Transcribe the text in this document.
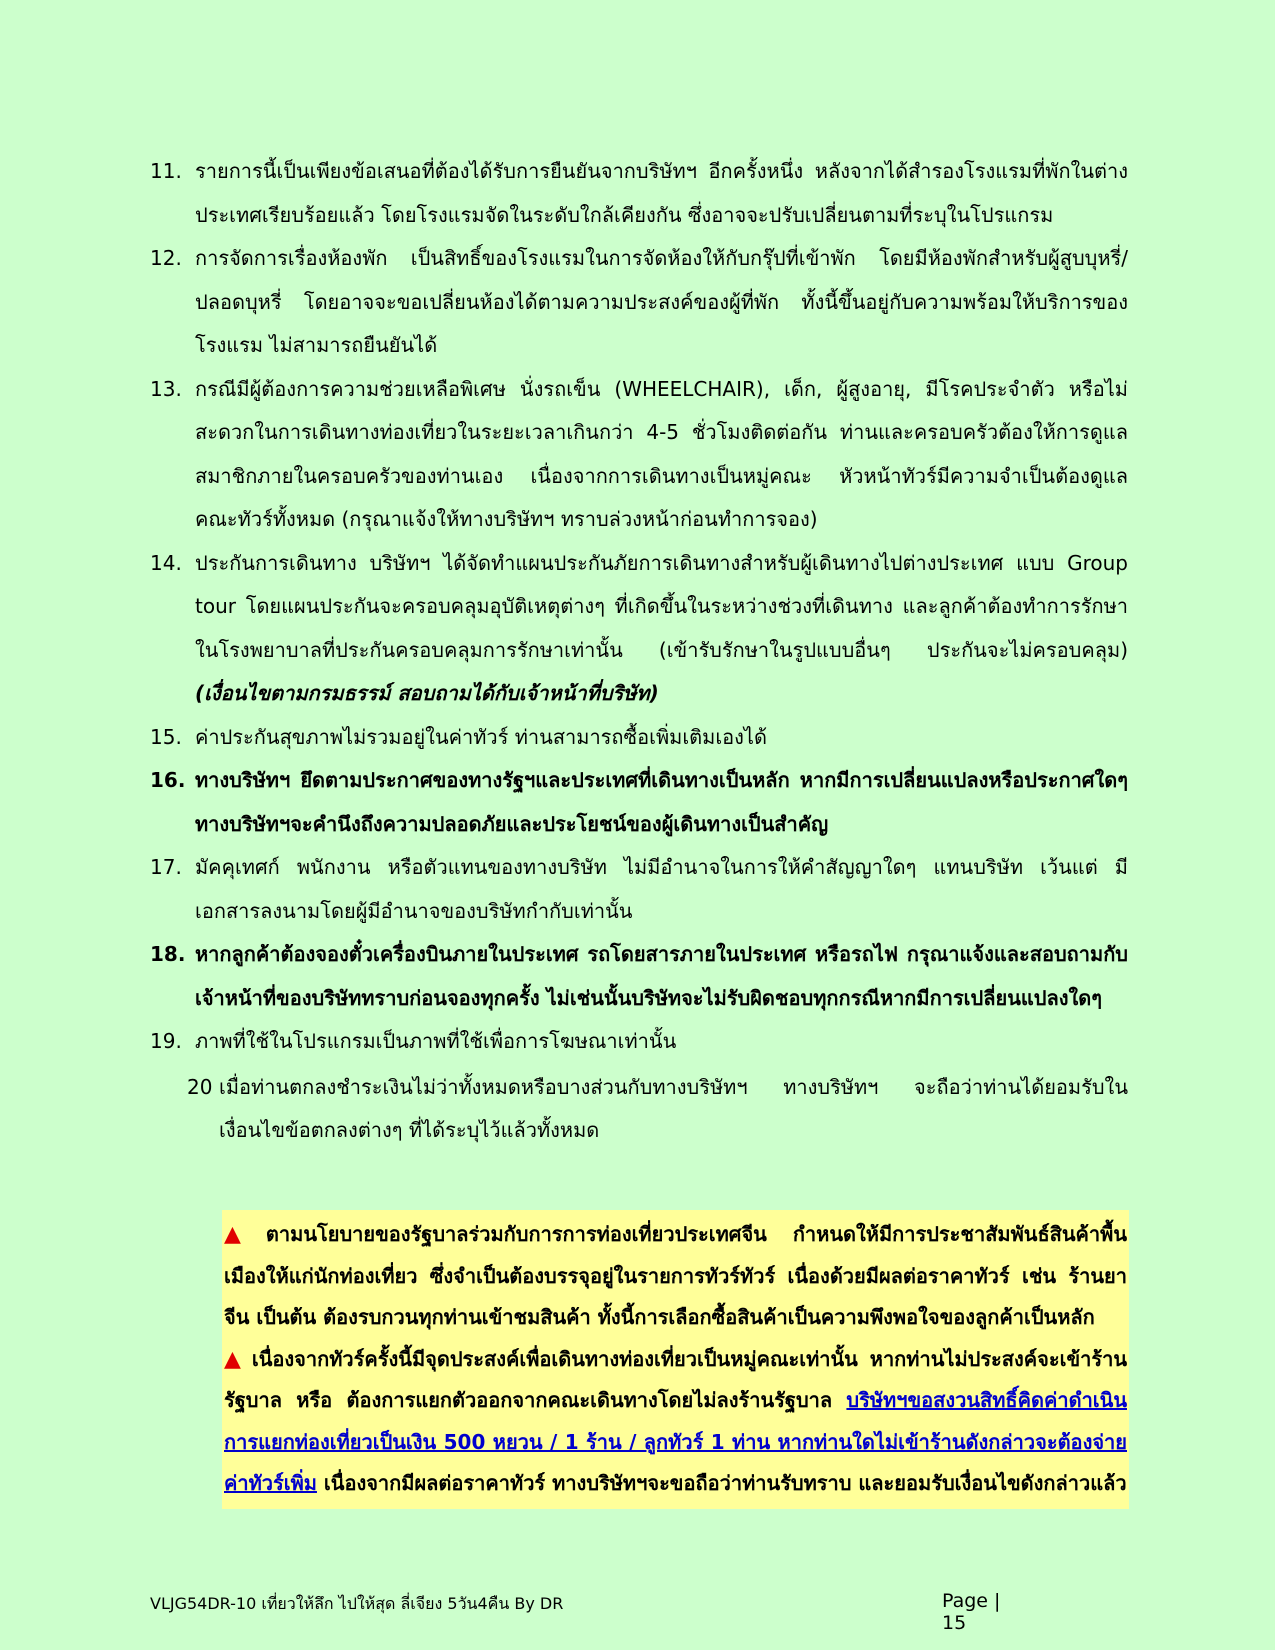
11. รายการนี้เป็นเพียงข้อเสนอที่ต้องได้รับการยืนยันจากบริษัทฯ อีกครั้งหนึ่ง หลังจากได้สำรองโรงแรมที่พักในต่างประเทศเรียบร้อยแล้ว โดยโรงแรมจัดในระดับใกล้เคียงกัน ซึ่งอาจจะปรับเปลี่ยนตามที่ระบุในโปรแกรม
12. การจัดการเรื่องห้องพัก เป็นสิทธิ์ของโรงแรมในการจัดห้องให้กับกรุ๊ปที่เข้าพัก โดยมีห้องพักสำหรับผู้สูบบุหรี่/ปลอดบุหรี่ โดยอาจจะขอเปลี่ยนห้องได้ตามความประสงค์ของผู้ที่พัก ทั้งนี้ขึ้นอยู่กับความพร้อมให้บริการของโรงแรม ไม่สามารถยืนยันได้
13. กรณีมีผู้ต้องการความช่วยเหลือพิเศษ นั่งรถเข็น (WHEELCHAIR), เด็ก, ผู้สูงอายุ, มีโรคประจำตัว หรือไม่สะดวกในการเดินทางท่องเที่ยวในระยะเวลาเกินกว่า 4-5 ชั่วโมงติดต่อกัน ท่านและครอบครัวต้องให้การดูแลสมาชิกภายในครอบครัวของท่านเอง เนื่องจากการเดินทางเป็นหมู่คณะ หัวหน้าทัวร์มีความจำเป็นต้องดูแลคณะทัวร์ทั้งหมด (กรุณาแจ้งให้ทางบริษัทฯ ทราบล่วงหน้าก่อนทำการจอง)
14. ประกันการเดินทาง บริษัทฯ ได้จัดทำแผนประกันภัยการเดินทางสำหรับผู้เดินทางไปต่างประเทศ แบบ Group tour โดยแผนประกันจะครอบคลุมอุบัติเหตุต่างๆ ที่เกิดขึ้นในระหว่างช่วงที่เดินทาง และลูกค้าต้องทำการรักษาในโรงพยาบาลที่ประกันครอบคลุมการรักษาเท่านั้น (เข้ารับรักษาในรูปแบบอื่นๆ ประกันจะไม่ครอบคลุม) (เงื่อนไขตามกรมธรรม์ สอบถามได้กับเจ้าหน้าที่บริษัท)
15. ค่าประกันสุขภาพไม่รวมอยู่ในค่าทัวร์ ท่านสามารถซื้อเพิ่มเติมเองได้
16. ทางบริษัทฯ ยึดตามประกาศของทางรัฐฯและประเทศที่เดินทางเป็นหลัก หากมีการเปลี่ยนแปลงหรือประกาศใดๆ ทางบริษัทฯจะคำนึงถึงความปลอดภัยและประโยชน์ของผู้เดินทางเป็นสำคัญ
17. มัคคุเทศก์ พนักงาน หรือตัวแทนของทางบริษัท ไม่มีอำนาจในการให้คำสัญญาใดๆ แทนบริษัท เว้นแต่ มีเอกสารลงนามโดยผู้มีอำนาจของบริษัทกำกับเท่านั้น
18. หากลูกค้าต้องจองตั๋วเครื่องบินภายในประเทศ รถโดยสารภายในประเทศ หรือรถไฟ กรุณาแจ้งและสอบถามกับเจ้าหน้าที่ของบริษัททราบก่อนจองทุกครั้ง ไม่เช่นนั้นบริษัทจะไม่รับผิดชอบทุกกรณีหากมีการเปลี่ยนแปลงใดๆ
19. ภาพที่ใช้ในโปรแกรมเป็นภาพที่ใช้เพื่อการโฆษณาเท่านั้น
20 เมื่อท่านตกลงชำระเงินไม่ว่าทั้งหมดหรือบางส่วนกับทางบริษัทฯ ทางบริษัทฯ จะถือว่าท่านได้ยอมรับในเงื่อนไขข้อตกลงต่างๆ ที่ได้ระบุไว้แล้วทั้งหมด
▲ ตามนโยบายของรัฐบาลร่วมกับการการท่องเที่ยวประเทศจีน กำหนดให้มีการประชาสัมพันธ์สินค้าพื้นเมืองให้แก่นักท่องเที่ยว ซึ่งจำเป็นต้องบรรจุอยู่ในรายการทัวร์ทัวร์ เนื่องด้วยมีผลต่อราคาทัวร์ เช่น ร้านยาจีน เป็นต้น ต้องรบกวนทุกท่านเข้าชมสินค้า ทั้งนี้การเลือกซื้อสินค้าเป็นความพึงพอใจของลูกค้าเป็นหลัก
▲ เนื่องจากทัวร์ครั้งนี้มีจุดประสงค์เพื่อเดินทางท่องเที่ยวเป็นหมู่คณะเท่านั้น หากท่านไม่ประสงค์จะเข้าร้านรัฐบาล หรือ ต้องการแยกตัวออกจากคณะเดินทางโดยไม่ลงร้านรัฐบาล บริษัทฯขอสงวนสิทธิ์คิดค่าดำเนินการแยกท่องเที่ยวเป็นเงิน 500 หยวน / 1 ร้าน / ลูกทัวร์ 1 ท่าน หากท่านใดไม่เข้าร้านดังกล่าวจะต้องจ่ายค่าทัวร์เพิ่ม เนื่องจากมีผลต่อราคาทัวร์ ทางบริษัทฯจะขอถือว่าท่านรับทราบ และยอมรับเงื่อนไขดังกล่าวแล้ว
VLJG54DR-10 เที่ยวให้ลึก ไปให้สุด ลี่เจียง 5วัน4คืน By DR	Page | 15
